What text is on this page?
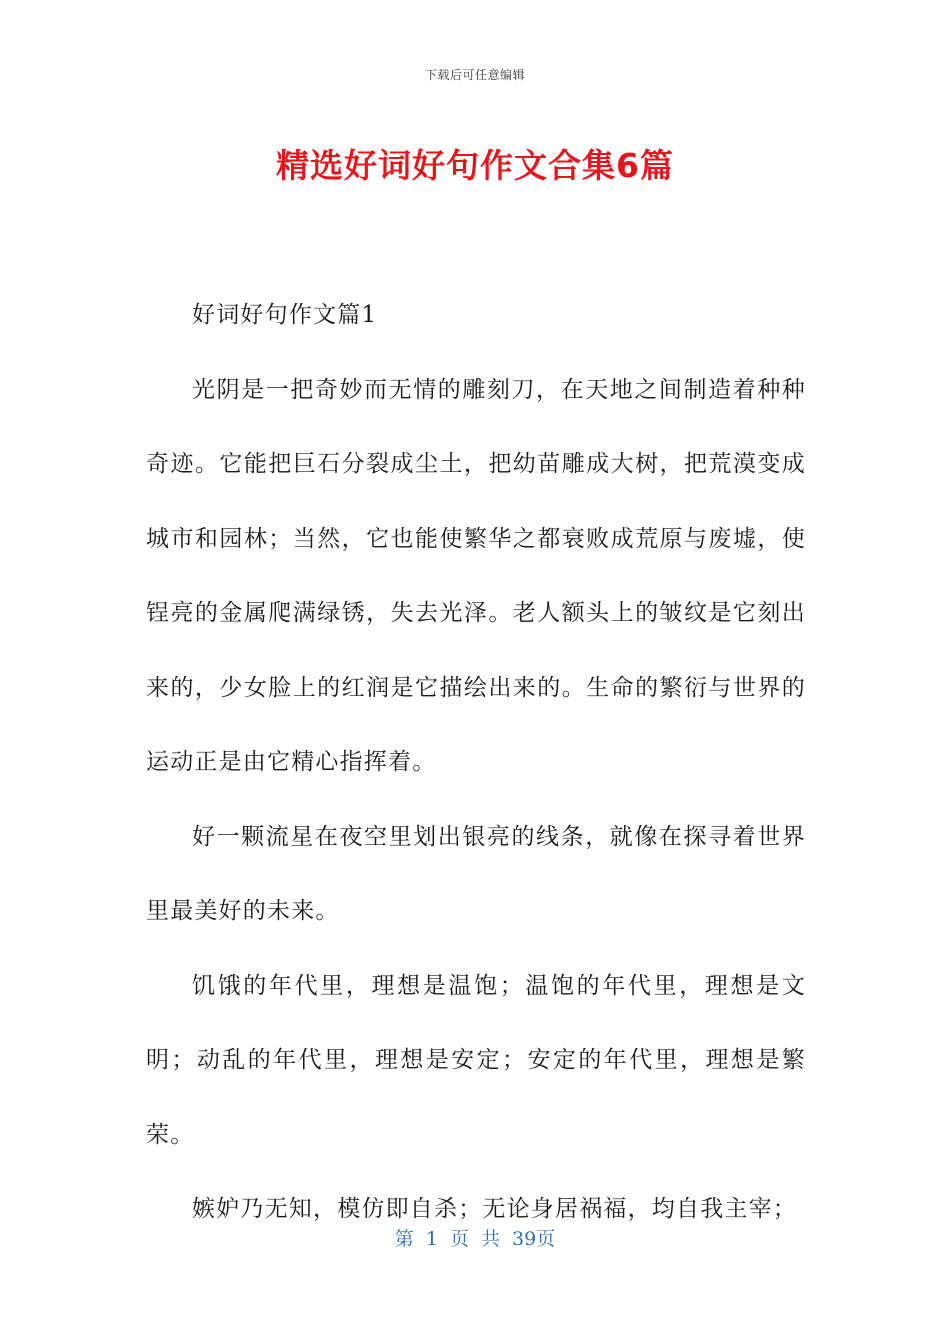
下载后可任意编辑
精选好词好句作文合集6篇

好词好句作文篇1

光阴是一把奇妙而无情的雕刻刀，在天地之间制造着种种奇迹。它能把巨石分裂成尘土，把幼苗雕成大树，把荒漠变成城市和园林；当然，它也能使繁华之都衰败成荒原与废墟，使锃亮的金属爬满绿锈，失去光泽。老人额头上的皱纹是它刻出来的，少女脸上的红润是它描绘出来的。生命的繁衍与世界的运动正是由它精心指挥着。

好一颗流星在夜空里划出银亮的线条，就像在探寻着世界里最美好的未来。

饥饿的年代里，理想是温饱；温饱的年代里，理想是文明；动乱的年代里，理想是安定；安定的年代里，理想是繁荣。

嫉妒乃无知，模仿即自杀；无论身居祸福，均自我主宰；

第 1 页 共 39页
